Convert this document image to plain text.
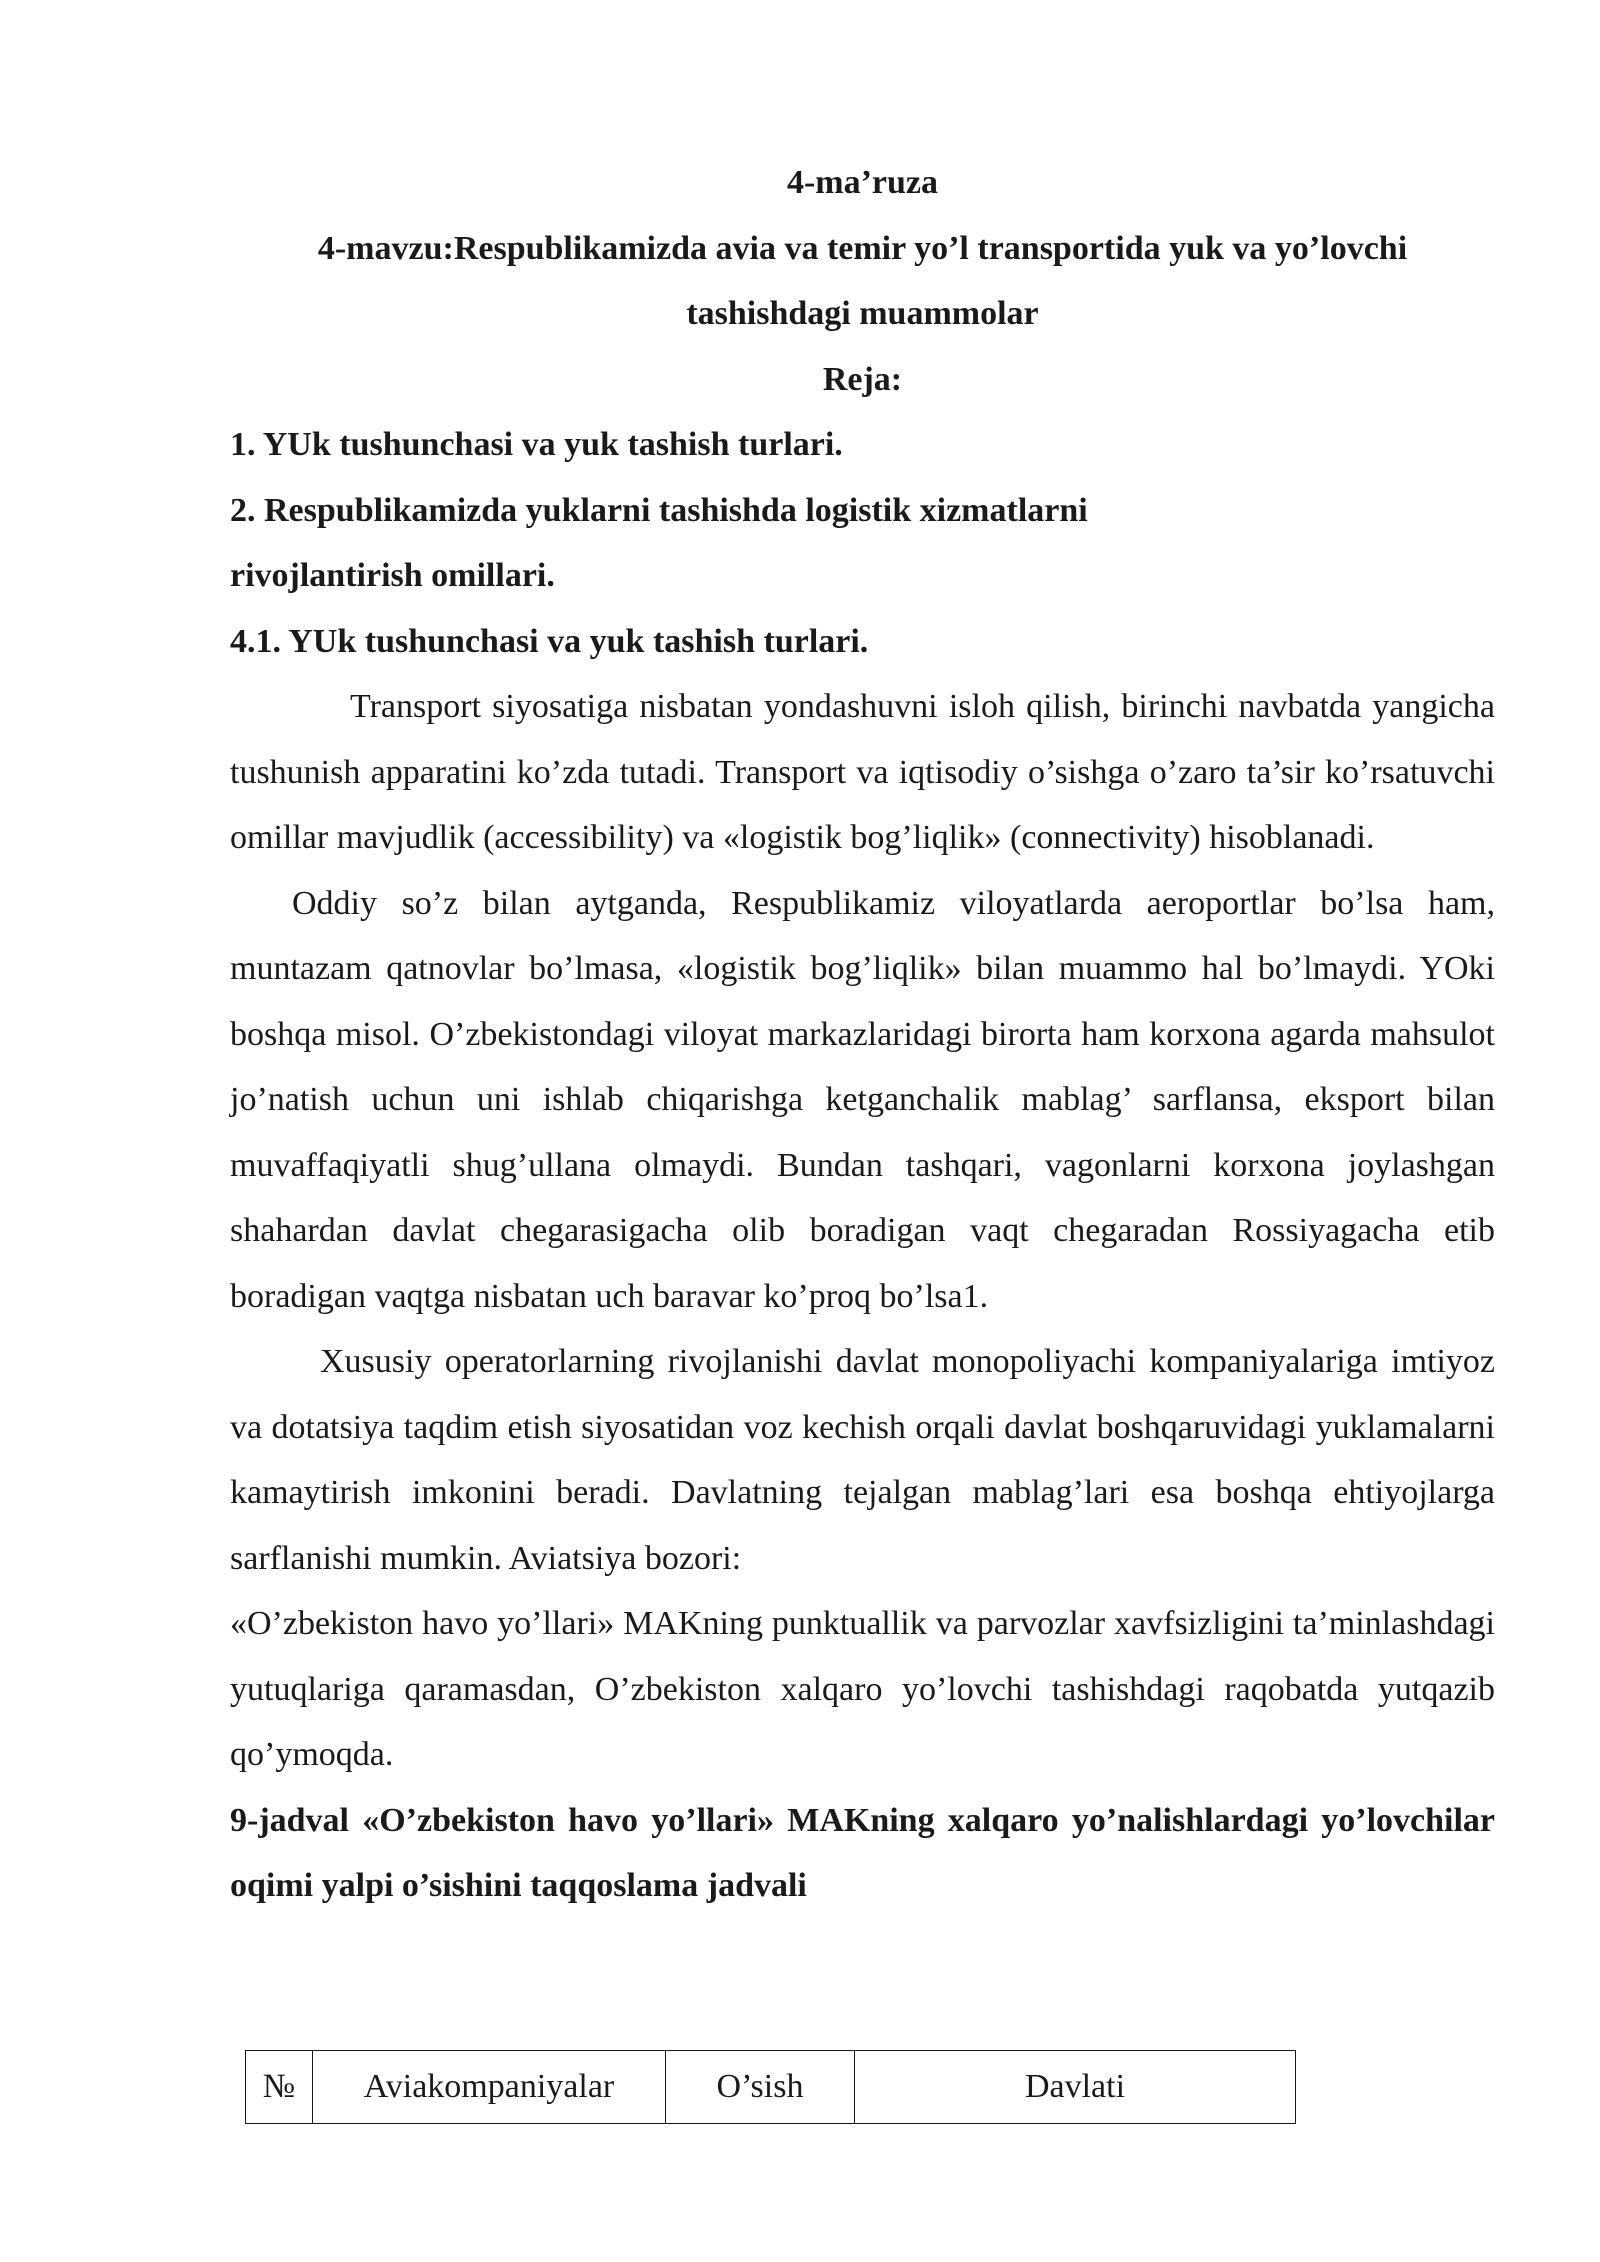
4-ma’ruza

4-mavzu:Respublikamizda avia va temir yo’l transportida yuk va yo’lovchi

tashishdagi muammolar

Reja:

1. YUk tushunchasi va yuk tashish turlari.

2. Respublikamizda yuklarni tashishda logistik xizmatlarni

rivojlantirish omillari.

4.1. YUk tushunchasi va yuk tashish turlari.

Transport siyosatiga nisbatan yondashuvni isloh qilish, birinchi navbatda yangicha tushunish apparatini ko’zda tutadi. Transport va iqtisodiy o’sishga o’zaro ta’sir ko’rsatuvchi omillar mavjudlik (accessibility) va «logistik bog’liqlik» (connectivity) hisoblanadi.

Oddiy so’z bilan aytganda, Respublikamiz viloyatlarda aeroportlar bo’lsa ham, muntazam qatnovlar bo’lmasa, «logistik bog’liqlik» bilan muammo hal bo’lmaydi. YOki boshqa misol. O’zbekistondagi viloyat markazlaridagi birorta ham korxona agarda mahsulot jo’natish uchun uni ishlab chiqarishga ketganchalik mablag’ sarflansa, eksport bilan muvaffaqiyatli shug’ullana olmaydi. Bundan tashqari, vagonlarni korxona joylashgan shahardan davlat chegarasigacha olib boradigan vaqt chegaradan Rossiyagacha etib boradigan vaqtga nisbatan uch baravar ko’proq bo’lsa1.

Xususiy operatorlarning rivojlanishi davlat monopoliyachi kompaniyalariga imtiyoz va dotatsiya taqdim etish siyosatidan voz kechish orqali davlat boshqaruvidagi yuklamalarni kamaytirish imkonini beradi. Davlatning tejalgan mablag’lari esa boshqa ehtiyojlarga sarflanishi mumkin. Aviatsiya bozori:

«O’zbekiston havo yo’llari» MAKning punktuallik va parvozlar xavfsizligini ta’minlashdagi yutuqlariga qaramasdan, O’zbekiston xalqaro yo’lovchi tashishdagi raqobatda yutqazib qo’ymoqda.

9-jadval «O’zbekiston havo yo’llari» MAKning xalqaro yo’nalishlardagi yo’lovchilar oqimi yalpi o’sishini taqqoslama jadvali

№	Aviakompaniyalar	O’sish	Davlati
